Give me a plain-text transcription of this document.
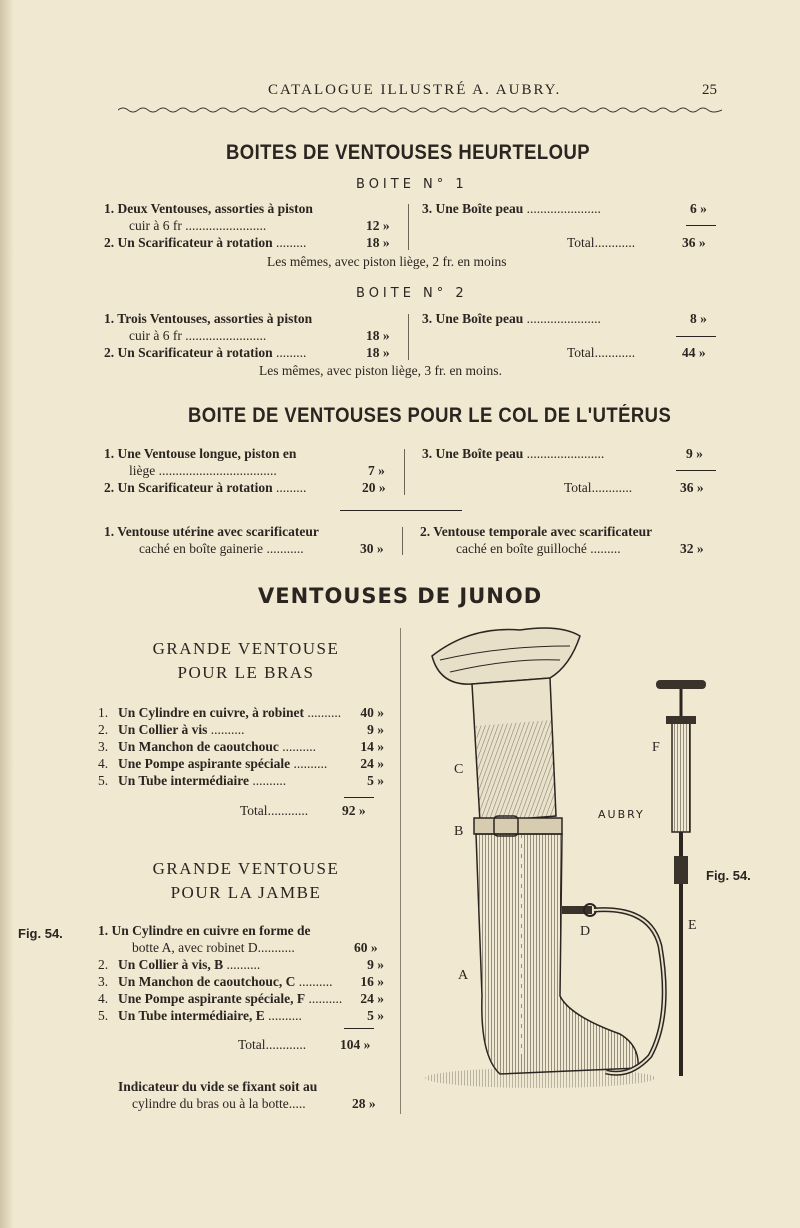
CATALOGUE ILLUSTRÉ A. AUBRY.	25
BOITES DE VENTOUSES HEURTELOUP
BOITE N° 1
1. Deux Ventouses, assorties à piston
cuir à 6 fr ........................	12 »
2. Un Scarificateur à rotation .........	18 »
3. Une Boîte peau ......................	6 »
Total............	36 »
Les mêmes, avec piston liège, 2 fr. en moins
BOITE N° 2
1. Trois Ventouses, assorties à piston
cuir à 6 fr ........................	18 »
2. Un Scarificateur à rotation .........	18 »
3. Une Boîte peau ......................	8 »
Total............	44 »
Les mêmes, avec piston liège, 3 fr. en moins.
BOITE DE VENTOUSES POUR LE COL DE L'UTÉRUS
1. Une Ventouse longue, piston en
liège ...................................	7 »
2. Un Scarificateur à rotation .........	20 »
3. Une Boîte peau .......................	9 »
Total............	36 »
1. Ventouse utérine avec scarificateur
caché en boîte gainerie ...........	30 »
2. Ventouse temporale avec scarificateur
caché en boîte guilloché .........	32 »
VENTOUSES DE JUNOD
GRANDE VENTOUSE
POUR LE BRAS
1. Un Cylindre en cuivre, à robinet .......... 40 »
2. Un Collier à vis ..........	9 »
3. Un Manchon de caoutchouc ..........	14 »
4. Une Pompe aspirante spéciale .......... 24 »
5. Un Tube intermédiaire ..........	5 »
Total............	92 »
GRANDE VENTOUSE
POUR LA JAMBE
Fig. 54.	1. Un Cylindre en cuivre en forme de
botte A, avec robinet D...........	60 »
2. Un Collier à vis, B ..........	9 »
3. Un Manchon de caoutchouc, C .......... 16 »
4. Une Pompe aspirante spéciale, F .......... 24 »
5. Un Tube intermédiaire, E ..........	5 »
Total............	104 »
Indicateur du vide se fixant soit au
cylindre du bras ou à la botte.....	28 »
C
B
A
D	E
F
AUBRY
Fig. 54.
